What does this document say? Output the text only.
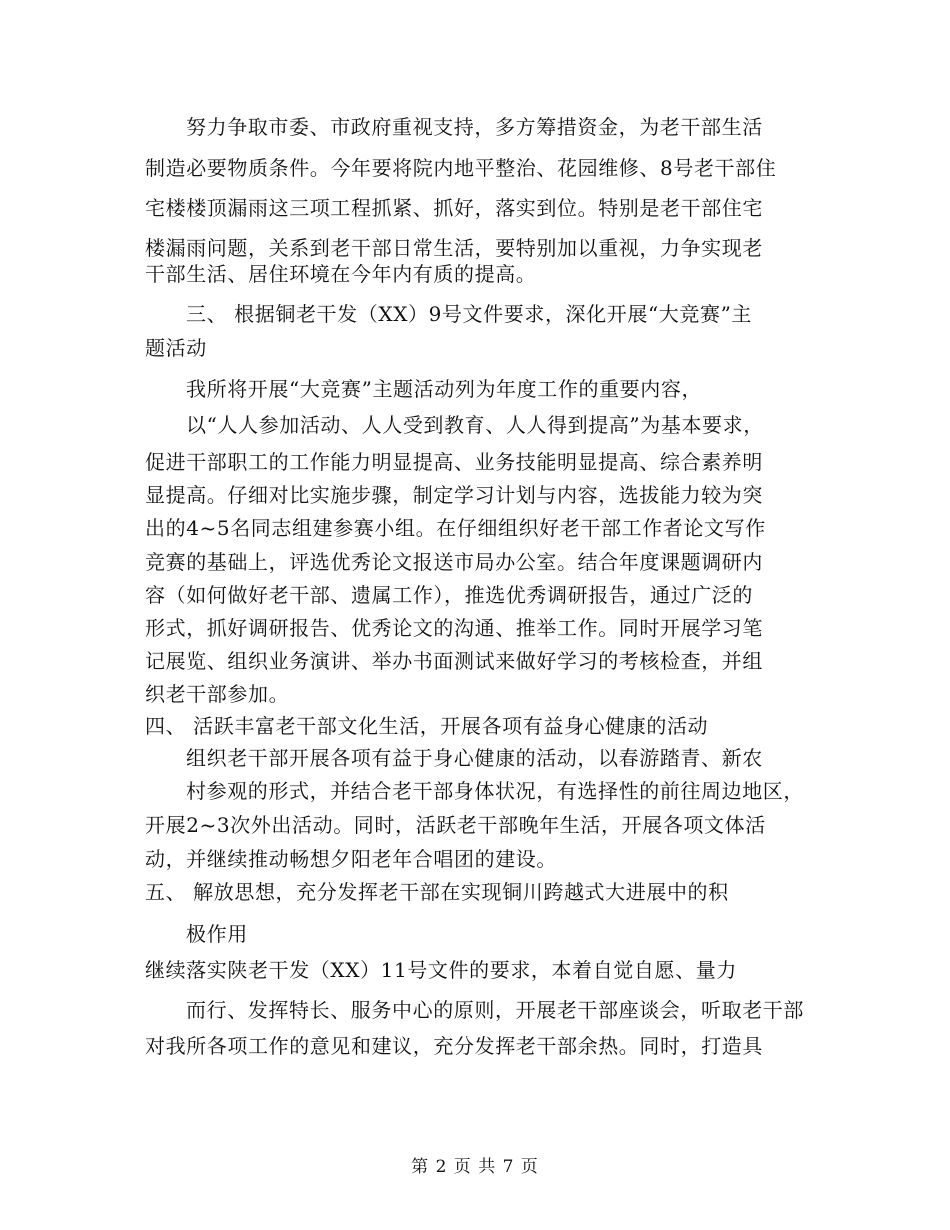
努力争取市委、市政府重视支持，多方筹措资金，为老干部生活
制造必要物质条件。今年要将院内地平整治、花园维修、8号老干部住
宅楼楼顶漏雨这三项工程抓紧、抓好，落实到位。特别是老干部住宅
楼漏雨问题，关系到老干部日常生活，要特别加以重视，力争实现老
干部生活、居住环境在今年内有质的提高。
三、 根据铜老干发（XX）9号文件要求，深化开展“大竞赛”主
题活动
我所将开展“大竞赛”主题活动列为年度工作的重要内容，
以“人人参加活动、人人受到教育、人人得到提高”为基本要求，
促进干部职工的工作能力明显提高、业务技能明显提高、综合素养明
显提高。仔细对比实施步骤，制定学习计划与内容，选拔能力较为突
出的4~5名同志组建参赛小组。在仔细组织好老干部工作者论文写作
竞赛的基础上，评选优秀论文报送市局办公室。结合年度课题调研内
容（如何做好老干部、遗属工作），推选优秀调研报告，通过广泛的
形式，抓好调研报告、优秀论文的沟通、推举工作。同时开展学习笔
记展览、组织业务演讲、举办书面测试来做好学习的考核检查，并组
织老干部参加。
四、 活跃丰富老干部文化生活，开展各项有益身心健康的活动
组织老干部开展各项有益于身心健康的活动，以春游踏青、新农
村参观的形式，并结合老干部身体状况，有选择性的前往周边地区，
开展2~3次外出活动。同时，活跃老干部晚年生活，开展各项文体活
动，并继续推动畅想夕阳老年合唱团的建设。
五、 解放思想，充分发挥老干部在实现铜川跨越式大进展中的积
极作用
继续落实陕老干发（XX）11号文件的要求，本着自觉自愿、量力
而行、发挥特长、服务中心的原则，开展老干部座谈会，听取老干部
对我所各项工作的意见和建议，充分发挥老干部余热。同时，打造具
第 2 页 共 7 页
